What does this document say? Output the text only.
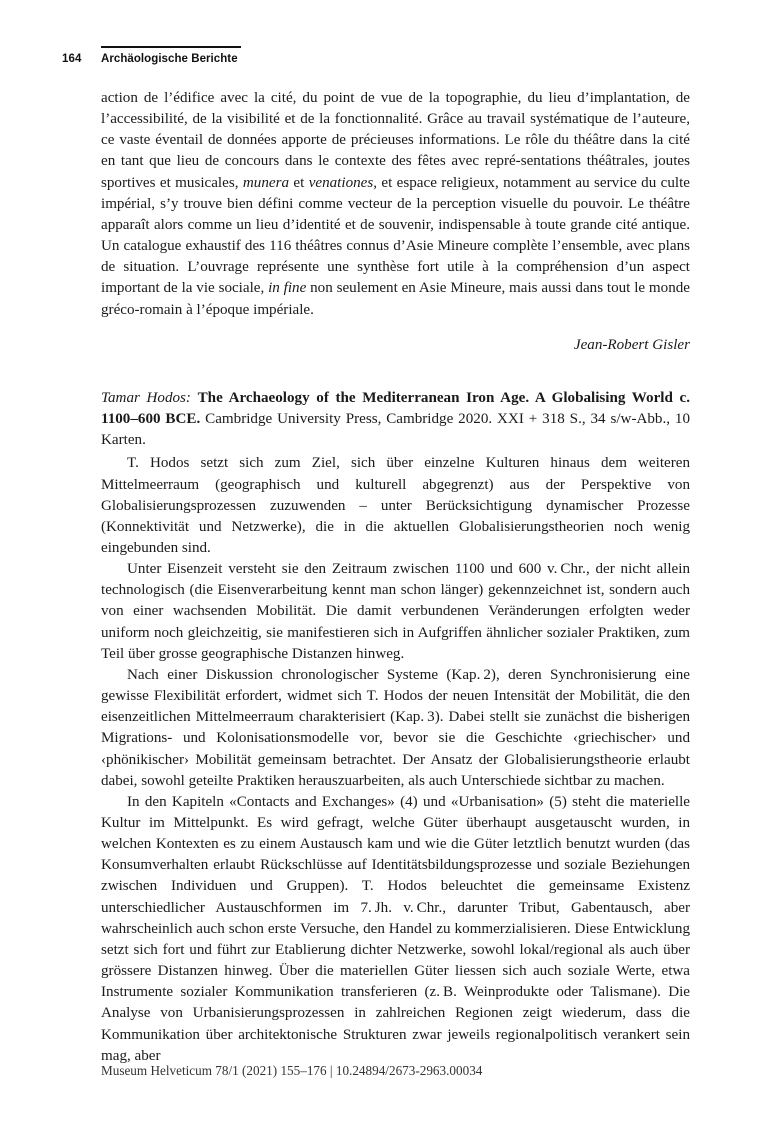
164 Archäologische Berichte

action de l’édifice avec la cité, du point de vue de la topographie, du lieu d’implantation, de l’accessibilité, de la visibilité et de la fonctionnalité. Grâce au travail systématique de l’auteure, ce vaste éventail de données apporte de précieuses informations. Le rôle du théâtre dans la cité en tant que lieu de concours dans le contexte des fêtes avec repré-sentations théâtrales, joutes sportives et musicales, munera et venationes, et espace religieux, notamment au service du culte impérial, s’y trouve bien défini comme vecteur de la perception visuelle du pouvoir. Le théâtre apparaît alors comme un lieu d’identité et de souvenir, indispensable à toute grande cité antique. Un catalogue exhaustif des 116 théâtres connus d’Asie Mineure complète l’ensemble, avec plans de situation. L’ouvrage représente une synthèse fort utile à la compréhension d’un aspect important de la vie sociale, in fine non seulement en Asie Mineure, mais aussi dans tout le monde gréco-romain à l’époque impériale.

Jean-Robert Gisler

Tamar Hodos: The Archaeology of the Mediterranean Iron Age. A Globalising World c. 1100–600 BCE. Cambridge University Press, Cambridge 2020. XXI + 318 S., 34 s/w-Abb., 10 Karten.

T. Hodos setzt sich zum Ziel, sich über einzelne Kulturen hinaus dem weiteren Mittelmeerraum (geographisch und kulturell abgegrenzt) aus der Perspektive von Globalisierungsprozessen zuzuwenden – unter Berücksichtigung dynamischer Prozesse (Konnektivität und Netzwerke), die in die aktuellen Globalisierungstheorien noch wenig eingebunden sind.

Unter Eisenzeit versteht sie den Zeitraum zwischen 1100 und 600 v. Chr., der nicht allein technologisch (die Eisenverarbeitung kennt man schon länger) gekennzeichnet ist, sondern auch von einer wachsenden Mobilität. Die damit verbundenen Veränderungen erfolgten weder uniform noch gleichzeitig, sie manifestieren sich in Aufgriffen ähnlicher sozialer Praktiken, zum Teil über grosse geographische Distanzen hinweg.

Nach einer Diskussion chronologischer Systeme (Kap. 2), deren Synchronisierung eine gewisse Flexibilität erfordert, widmet sich T. Hodos der neuen Intensität der Mobilität, die den eisenzeitlichen Mittelmeerraum charakterisiert (Kap. 3). Dabei stellt sie zunächst die bisherigen Migrations- und Kolonisationsmodelle vor, bevor sie die Geschichte ‹griechischer› und ‹phönikischer› Mobilität gemeinsam betrachtet. Der Ansatz der Globalisierungstheorie erlaubt dabei, sowohl geteilte Praktiken herauszuarbeiten, als auch Unterschiede sichtbar zu machen.

In den Kapiteln «Contacts and Exchanges» (4) und «Urbanisation» (5) steht die materielle Kultur im Mittelpunkt. Es wird gefragt, welche Güter überhaupt ausgetauscht wurden, in welchen Kontexten es zu einem Austausch kam und wie die Güter letztlich benutzt wurden (das Konsumverhalten erlaubt Rückschlüsse auf Identitätsbildungsprozesse und soziale Beziehungen zwischen Individuen und Gruppen). T. Hodos beleuchtet die gemeinsame Existenz unterschiedlicher Austauschformen im 7. Jh. v. Chr., darunter Tribut, Gabentausch, aber wahrscheinlich auch schon erste Versuche, den Handel zu kommerzialisieren. Diese Entwicklung setzt sich fort und führt zur Etablierung dichter Netzwerke, sowohl lokal/regional als auch über grössere Distanzen hinweg. Über die materiellen Güter liessen sich auch soziale Werte, etwa Instrumente sozialer Kommunikation transferieren (z. B. Weinprodukte oder Talismane). Die Analyse von Urbanisierungsprozessen in zahlreichen Regionen zeigt wiederum, dass die Kommunikation über architektonische Strukturen zwar jeweils regionalpolitisch verankert sein mag, aber

Museum Helveticum 78/1 (2021) 155–176 | 10.24894/2673-2963.00034
